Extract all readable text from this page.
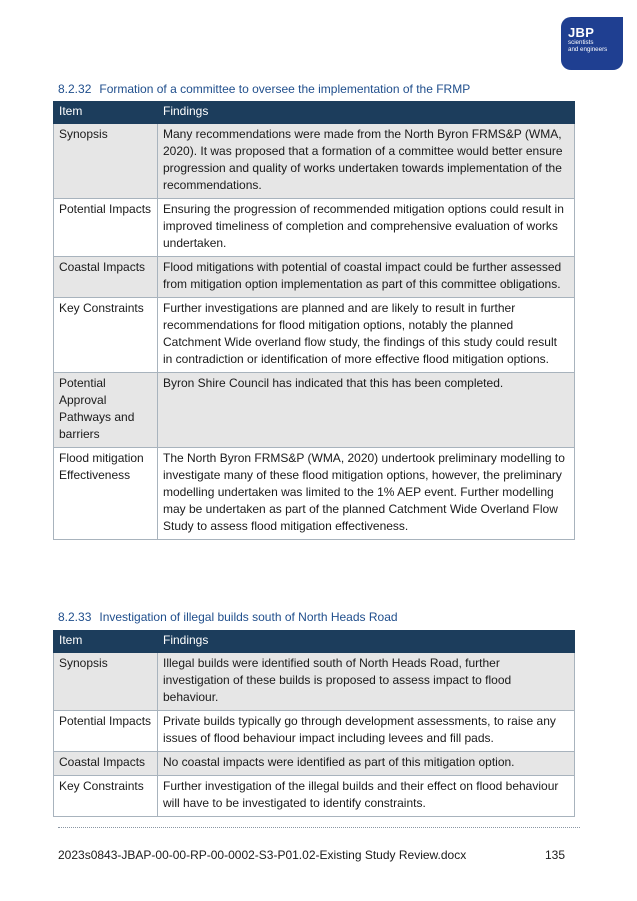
JBP
scientists
and engineers
8.2.32 Formation of a committee to oversee the implementation of the FRMP
Item	Findings
Synopsis	Many recommendations were made from the North Byron FRMS&P (WMA, 2020). It was proposed that a formation of a committee would better ensure progression and quality of works undertaken towards implementation of the recommendations.
Potential Impacts	Ensuring the progression of recommended mitigation options could result in improved timeliness of completion and comprehensive evaluation of works undertaken.
Coastal Impacts	Flood mitigations with potential of coastal impact could be further assessed from mitigation option implementation as part of this committee obligations.
Key Constraints	Further investigations are planned and are likely to result in further recommendations for flood mitigation options, notably the planned Catchment Wide overland flow study, the findings of this study could result in contradiction or identification of more effective flood mitigation options.
Potential Approval Pathways and barriers	Byron Shire Council has indicated that this has been completed.
Flood mitigation Effectiveness	The North Byron FRMS&P (WMA, 2020) undertook preliminary modelling to investigate many of these flood mitigation options, however, the preliminary modelling undertaken was limited to the 1% AEP event. Further modelling may be undertaken as part of the planned Catchment Wide Overland Flow Study to assess flood mitigation effectiveness.
8.2.33 Investigation of illegal builds south of North Heads Road
Item	Findings
Synopsis	Illegal builds were identified south of North Heads Road, further investigation of these builds is proposed to assess impact to flood behaviour.
Potential Impacts	Private builds typically go through development assessments, to raise any issues of flood behaviour impact including levees and fill pads.
Coastal Impacts	No coastal impacts were identified as part of this mitigation option.
Key Constraints	Further investigation of the illegal builds and their effect on flood behaviour will have to be investigated to identify constraints.
2023s0843-JBAP-00-00-RP-00-0002-S3-P01.02-Existing Study Review.docx	135
